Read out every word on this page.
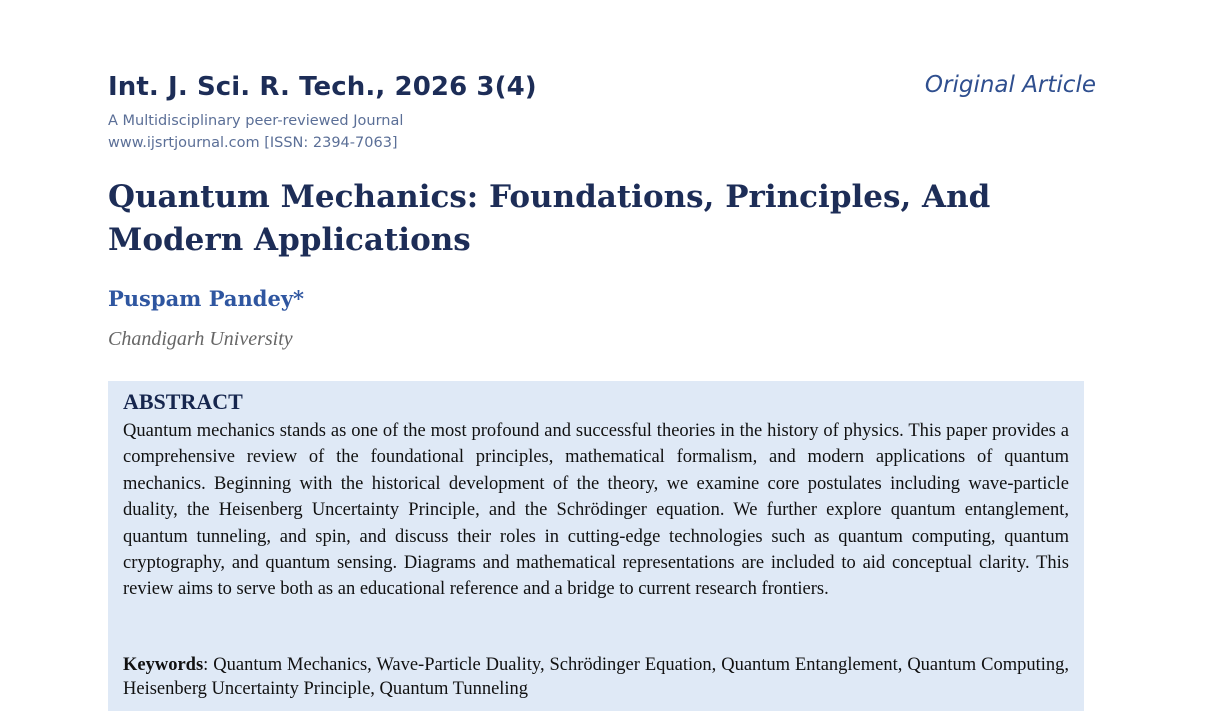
Int. J. Sci. R. Tech., 2026 3(4)
A Multidisciplinary peer-reviewed Journal
www.ijsrtjournal.com [ISSN: 2394-7063]
Original Article
Quantum Mechanics: Foundations, Principles, And Modern Applications
Puspam Pandey*
Chandigarh University
ABSTRACT

Quantum mechanics stands as one of the most profound and successful theories in the history of physics. This paper provides a comprehensive review of the foundational principles, mathematical formalism, and modern applications of quantum mechanics. Beginning with the historical development of the theory, we examine core postulates including wave-particle duality, the Heisenberg Uncertainty Principle, and the Schrödinger equation. We further explore quantum entanglement, quantum tunneling, and spin, and discuss their roles in cutting-edge technologies such as quantum computing, quantum cryptography, and quantum sensing. Diagrams and mathematical representations are included to aid conceptual clarity. This review aims to serve both as an educational reference and a bridge to current research frontiers.

Keywords: Quantum Mechanics, Wave-Particle Duality, Schrödinger Equation, Quantum Entanglement, Quantum Computing, Heisenberg Uncertainty Principle, Quantum Tunneling
